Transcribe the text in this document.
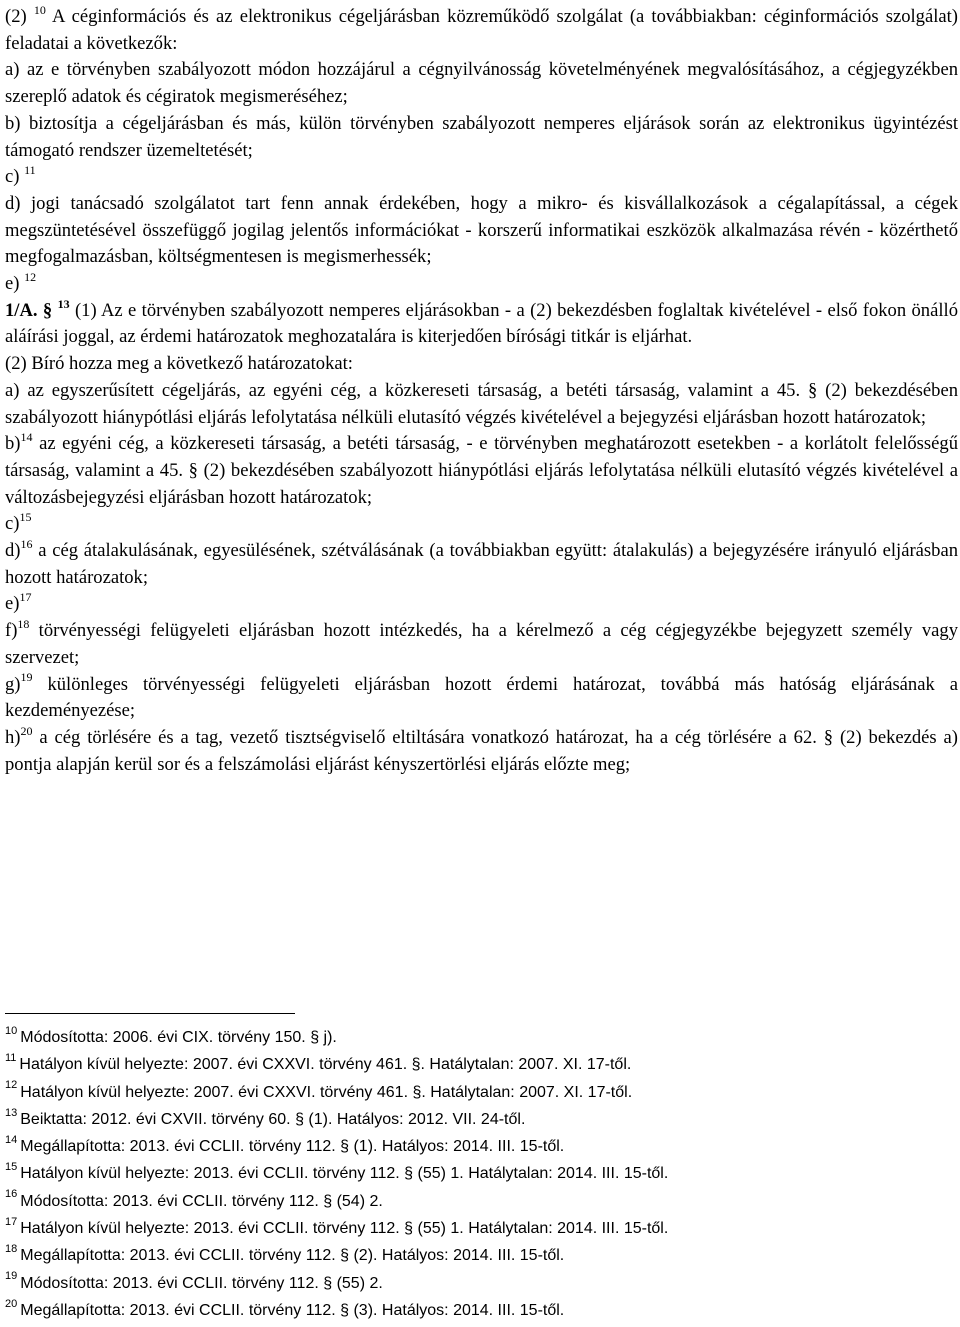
(2) $^{10}$ A céginformációs és az elektronikus cégeljárásban közreműködő szolgálat (a továbbiakban: céginformációs szolgálat) feladatai a következők:

a) az e törvényben szabályozott módon hozzájárul a cégnyilvánosság követelményének megvalósításához, a cégjegyzékben szereplő adatok és cégiratok megismeréséhez;

b) biztosítja a cégeljárásban és más, külön törvényben szabályozott nemperes eljárások során az elektronikus ügyintézést támogató rendszer üzemeltetését;

c) $^{11}$

d) jogi tanácsadó szolgálatot tart fenn annak érdekében, hogy a mikro- és kisvállalkozások a cégalapítással, a cégek megszüntetésével összefüggő jogilag jelentős információkat - korszerű informatikai eszközök alkalmazása révén - közérthető megfogalmazásban, költségmentesen is megismerhessék;

e) $^{12}$

1/A. § $^{13}$ (1) Az e törvényben szabályozott nemperes eljárásokban - a (2) bekezdésben foglaltak kivételével - első fokon önálló aláírási joggal, az érdemi határozatok meghozatalára is kiterjedően bírósági titkár is eljárhat.

(2) Bíró hozza meg a következő határozatokat:

a) az egyszerűsített cégeljárás, az egyéni cég, a közkereseti társaság, a betéti társaság, valamint a 45. § (2) bekezdésében szabályozott hiánypótlási eljárás lefolytatása nélküli elutasító végzés kivételével a bejegyzési eljárásban hozott határozatok;

b)$^{14}$ az egyéni cég, a közkereseti társaság, a betéti társaság, - e törvényben meghatározott esetekben - a korlátolt felelősségű társaság, valamint a 45. § (2) bekezdésében szabályozott hiánypótlási eljárás lefolytatása nélküli elutasító végzés kivételével a változásbejegyzési eljárásban hozott határozatok;

c)$^{15}$

d)$^{16}$ a cég átalakulásának, egyesülésének, szétválásának (a továbbiakban együtt: átalakulás) a bejegyzésére irányuló eljárásban hozott határozatok;

e)$^{17}$

f)$^{18}$ törvényességi felügyeleti eljárásban hozott intézkedés, ha a kérelmező a cég cégjegyzékbe bejegyzett személy vagy szervezet;

g)$^{19}$ különleges törvényességi felügyeleti eljárásban hozott érdemi határozat, továbbá más hatóság eljárásának a kezdeményezése;

h)$^{20}$ a cég törlésére és a tag, vezető tisztségviselő eltiltására vonatkozó határozat, ha a cég törlésére a 62. § (2) bekezdés a) pontja alapján kerül sor és a felszámolási eljárást kényszertörlési eljárás előzte meg;

$^{10}$ Módosította: 2006. évi CIX. törvény 150. § j).
$^{11}$ Hatályon kívül helyezte: 2007. évi CXXVI. törvény 461. §. Hatálytalan: 2007. XI. 17-től.
$^{12}$ Hatályon kívül helyezte: 2007. évi CXXVI. törvény 461. §. Hatálytalan: 2007. XI. 17-től.
$^{13}$ Beiktatta: 2012. évi CXVII. törvény 60. § (1). Hatályos: 2012. VII. 24-től.
$^{14}$ Megállapította: 2013. évi CCLII. törvény 112. § (1). Hatályos: 2014. III. 15-től.
$^{15}$ Hatályon kívül helyezte: 2013. évi CCLII. törvény 112. § (55) 1. Hatálytalan: 2014. III. 15-től.
$^{16}$ Módosította: 2013. évi CCLII. törvény 112. § (54) 2.
$^{17}$ Hatályon kívül helyezte: 2013. évi CCLII. törvény 112. § (55) 1. Hatálytalan: 2014. III. 15-től.
$^{18}$ Megállapította: 2013. évi CCLII. törvény 112. § (2). Hatályos: 2014. III. 15-től.
$^{19}$ Módosította: 2013. évi CCLII. törvény 112. § (55) 2.
$^{20}$ Megállapította: 2013. évi CCLII. törvény 112. § (3). Hatályos: 2014. III. 15-től.
